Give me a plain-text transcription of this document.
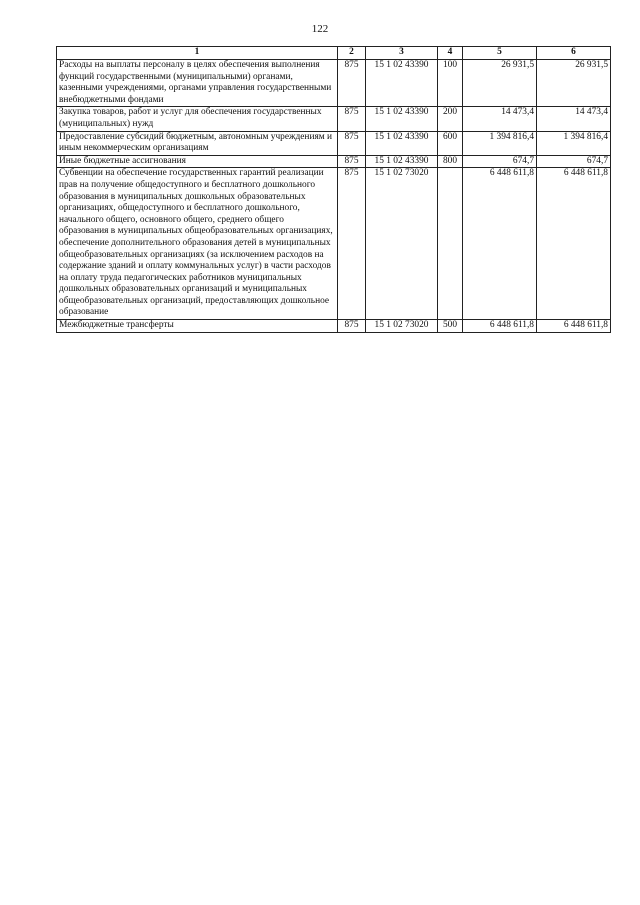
122
1	2	3	4	5	6
Расходы на выплаты персоналу в целях обеспечения выполнения функций государственными (муниципальными) органами, казенными учреждениями, органами управления государственными внебюджетными фондами	875	15 1 02 43390	100	26 931,5	26 931,5
Закупка товаров, работ и услуг для обеспечения государственных (муниципальных) нужд	875	15 1 02 43390	200	14 473,4	14 473,4
Предоставление субсидий бюджетным, автономным учреждениям и иным некоммерческим организациям	875	15 1 02 43390	600	1 394 816,4	1 394 816,4
Иные бюджетные ассигнования	875	15 1 02 43390	800	674,7	674,7
Субвенции на обеспечение государственных гарантий реализации прав на получение общедоступного и бесплатного дошкольного образования в муниципальных дошкольных образовательных организациях, общедоступного и бесплатного дошкольного, начального общего, основного общего, среднего общего образования в муниципальных общеобразовательных организациях, обеспечение дополнительного образования детей в муниципальных общеобразовательных организациях (за исключением расходов на содержание зданий и оплату коммунальных услуг) в части расходов на оплату труда педагогических работников муниципальных дошкольных образовательных организаций и муниципальных общеобразовательных организаций, предоставляющих дошкольное образование	875	15 1 02 73020		6 448 611,8	6 448 611,8
Межбюджетные трансферты	875	15 1 02 73020	500	6 448 611,8	6 448 611,8
